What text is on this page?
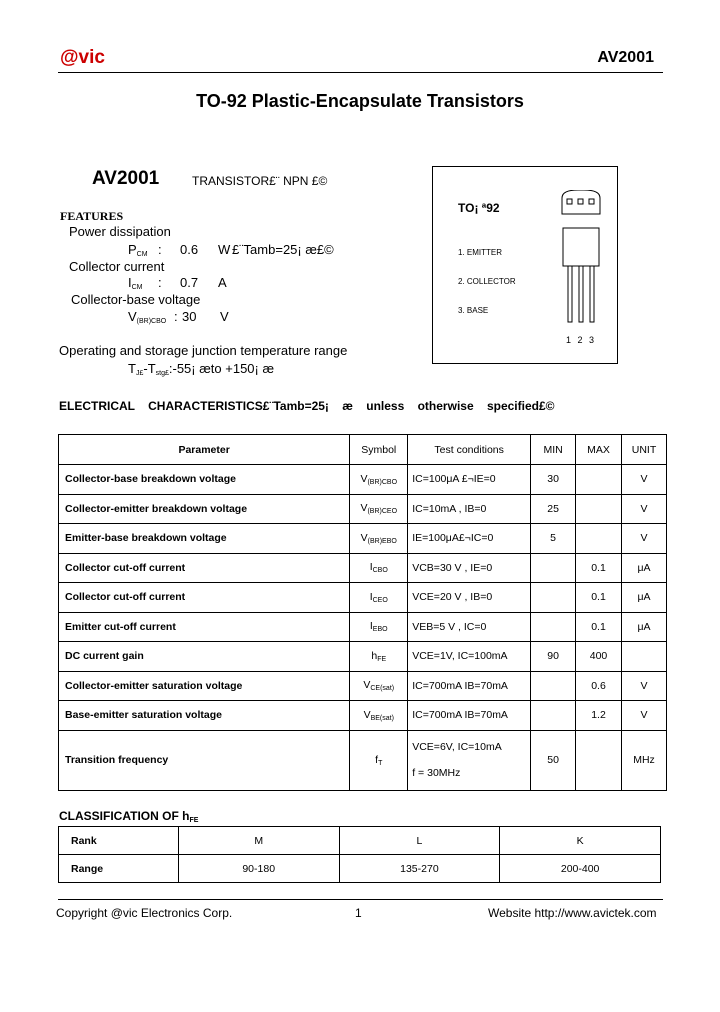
@vic	AV2001
TO-92 Plastic-Encapsulate Transistors
AV2001	TRANSISTOR£¨ NPN £©
FEATURES
Power dissipation
$P_{CM}$ : 0.6 W £¨Tamb=25¡ æ£©
Collector current
$I_{CM}$ : 0.7 A
Collector-base voltage
$V_{(BR)CBO}$ : 30 V
Operating and storage junction temperature range
$T_{J£}-T_{stg£}:-55¡$ æto +150¡ æ
TO¡ ª92
1. EMITTER
2. COLLECTOR
3. BASE
1 2 3
ELECTRICAL CHARACTERISTICS£¨Tamb=25¡ æ unless otherwise specified£©
Parameter	Symbol	Test conditions	MIN	MAX	UNIT
Collector-base breakdown voltage	$V_{(BR)CBO}$	IC=100μA £¬IE=0	30		V
Collector-emitter breakdown voltage	$V_{(BR)CEO}$	IC=10mA , IB=0	25		V
Emitter-base breakdown voltage	$V_{(BR)EBO}$	IE=100μA£¬IC=0	5		V
Collector cut-off current	$I_{CBO}$	VCB=30 V , IE=0		0.1	μA
Collector cut-off current	$I_{CEO}$	VCE=20 V , IB=0		0.1	μA
Emitter cut-off current	$I_{EBO}$	VEB=5 V , IC=0		0.1	μA
DC current gain	$h_{FE}$	VCE=1V, IC=100mA	90	400	
Collector-emitter saturation voltage	$V_{CE(sat)}$	IC=700mA IB=70mA		0.6	V
Base-emitter saturation voltage	$V_{BE(sat)}$	IC=700mA IB=70mA		1.2	V
Transition frequency	$f_T$	VCE=6V, IC=10mA
f = 30MHz	50		MHz
CLASSIFICATION OF $h_{FE}$
Rank	M	L	K
Range	90-180	135-270	200-400
Copyright @vic Electronics Corp.	1	Website http://www.avictek.com
